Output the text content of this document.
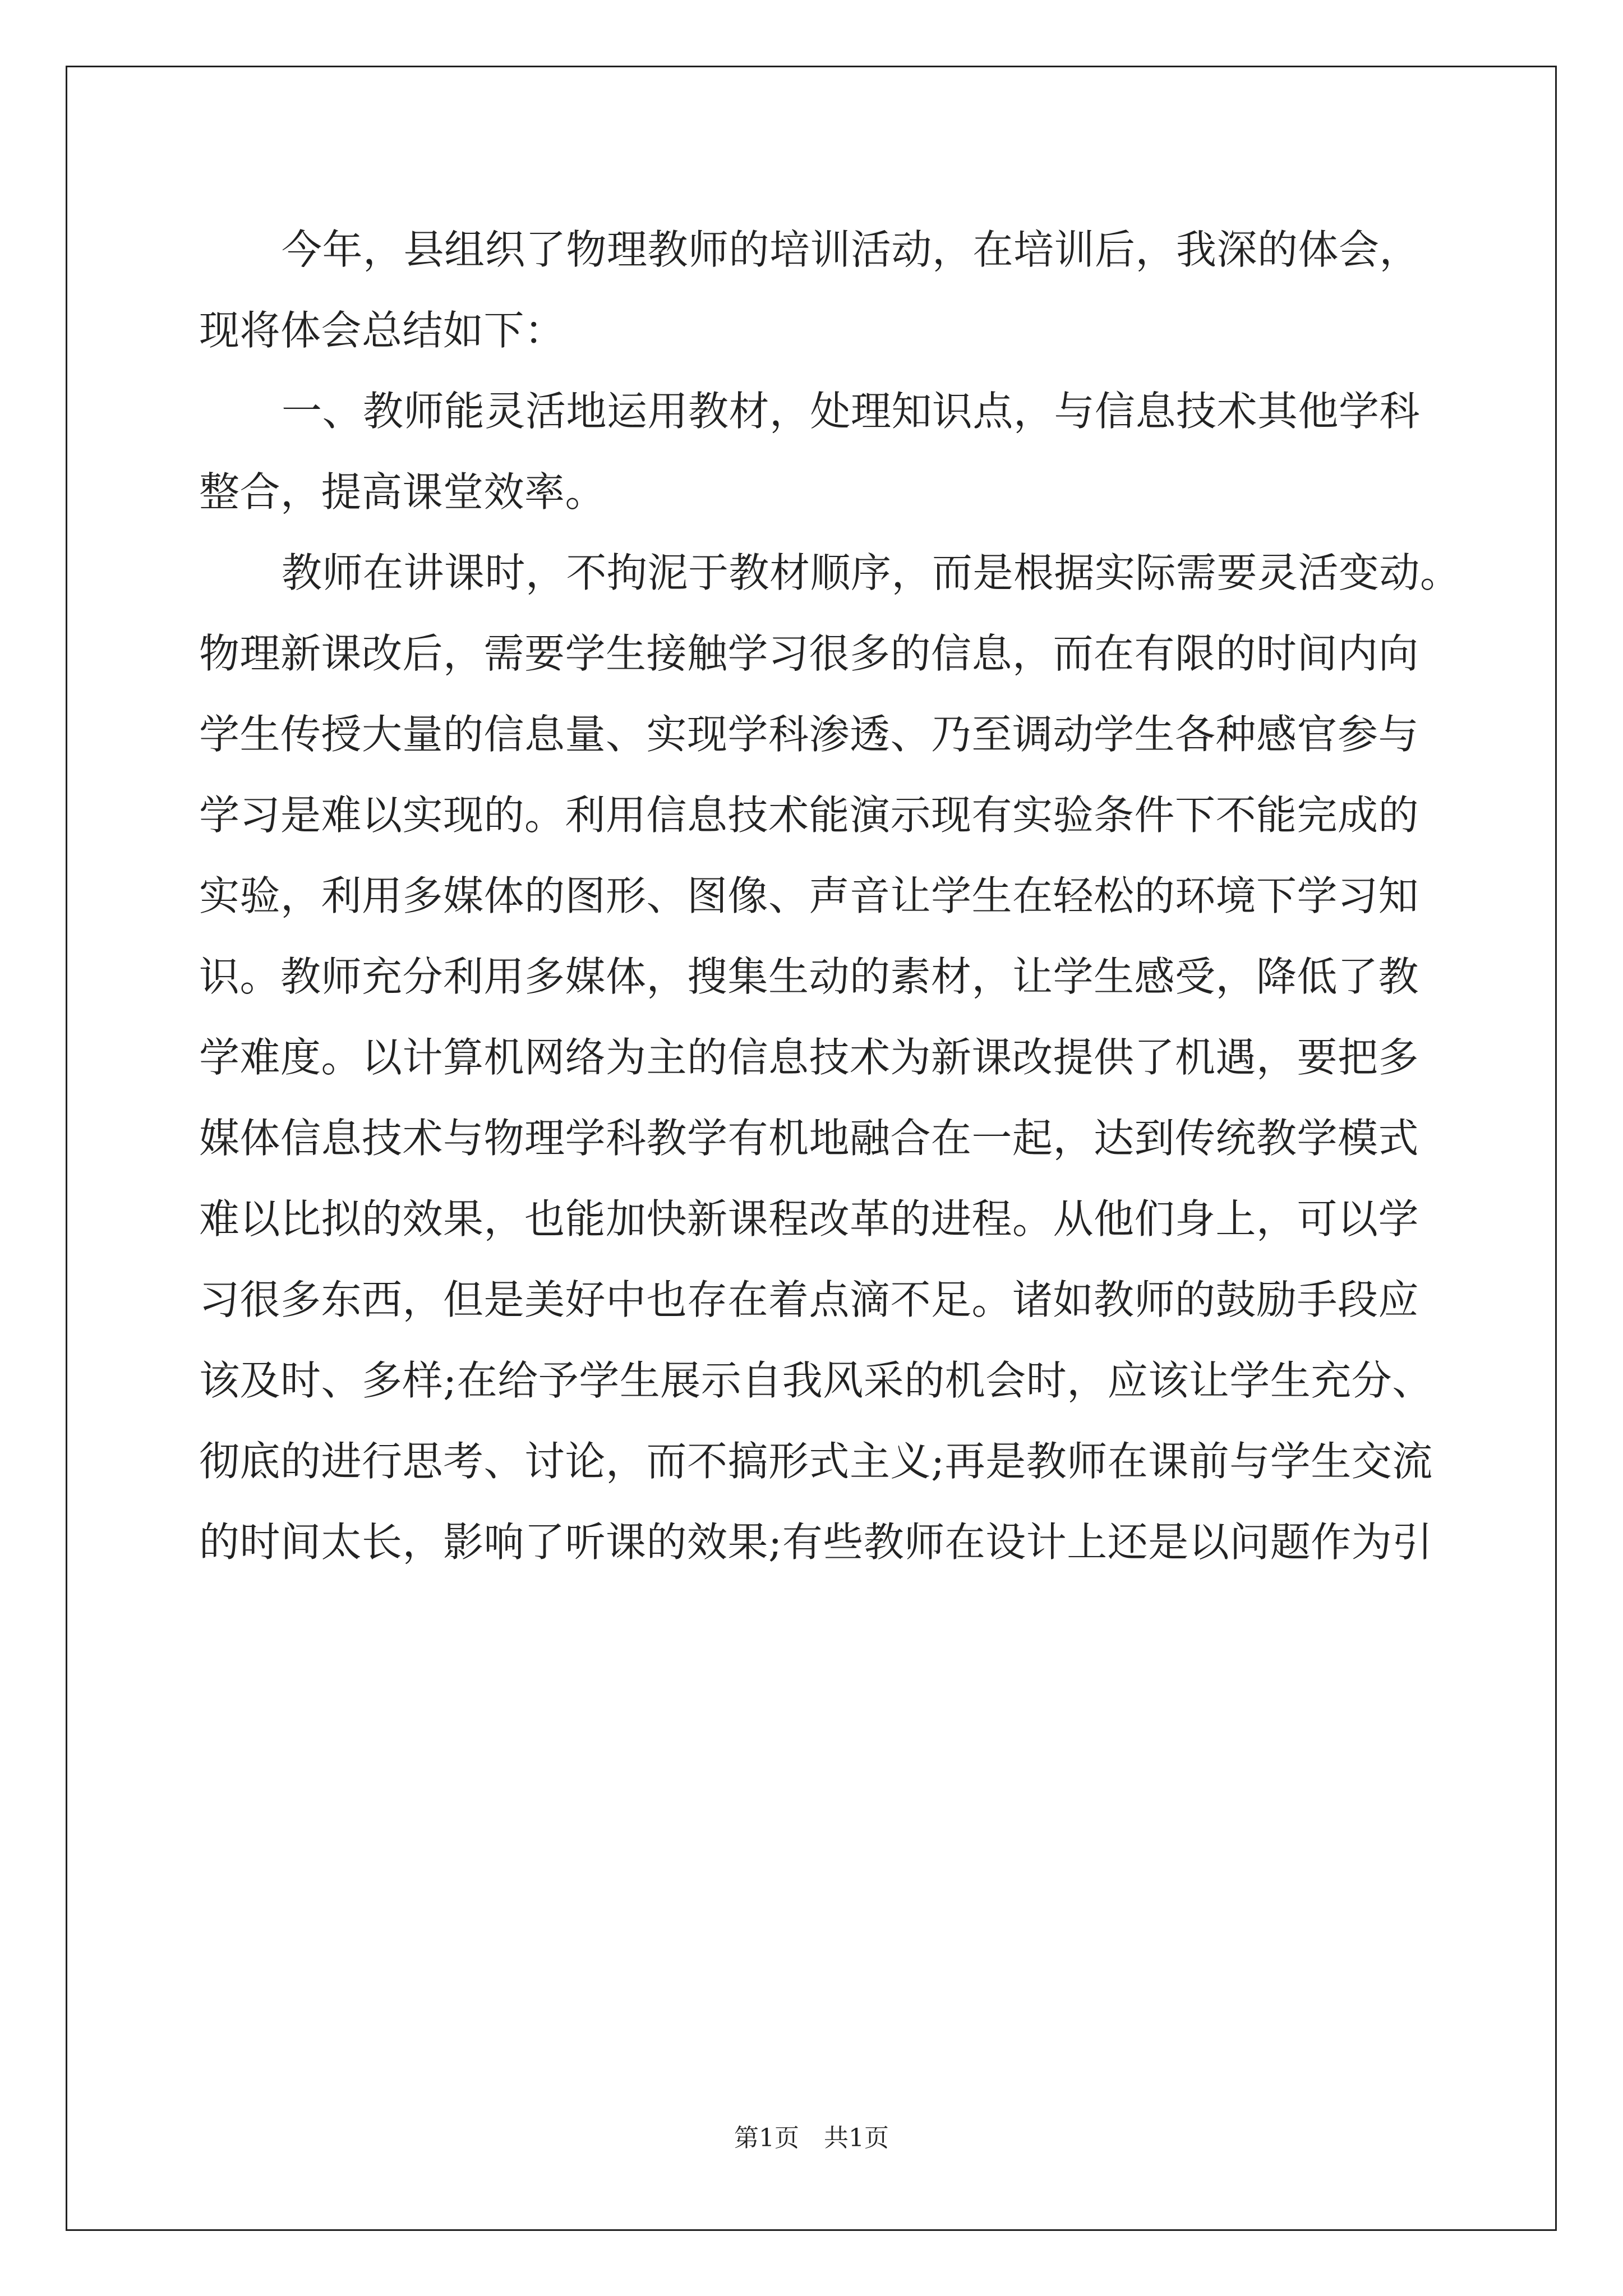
今年，县组织了物理教师的培训活动，在培训后，我深的体会，
现将体会总结如下：
一、教师能灵活地运用教材，处理知识点，与信息技术其他学科
整合，提高课堂效率。
教师在讲课时，不拘泥于教材顺序，而是根据实际需要灵活变动。
物理新课改后，需要学生接触学习很多的信息，而在有限的时间内向
学生传授大量的信息量、实现学科渗透、乃至调动学生各种感官参与
学习是难以实现的。利用信息技术能演示现有实验条件下不能完成的
实验，利用多媒体的图形、图像、声音让学生在轻松的环境下学习知
识。教师充分利用多媒体，搜集生动的素材，让学生感受，降低了教
学难度。以计算机网络为主的信息技术为新课改提供了机遇，要把多
媒体信息技术与物理学科教学有机地融合在一起，达到传统教学模式
难以比拟的效果，也能加快新课程改革的进程。从他们身上，可以学
习很多东西，但是美好中也存在着点滴不足。诸如教师的鼓励手段应
该及时、多样;在给予学生展示自我风采的机会时，应该让学生充分、
彻底的进行思考、讨论，而不搞形式主义;再是教师在课前与学生交流
的时间太长，影响了听课的效果;有些教师在设计上还是以问题作为引
第1页　共1页
